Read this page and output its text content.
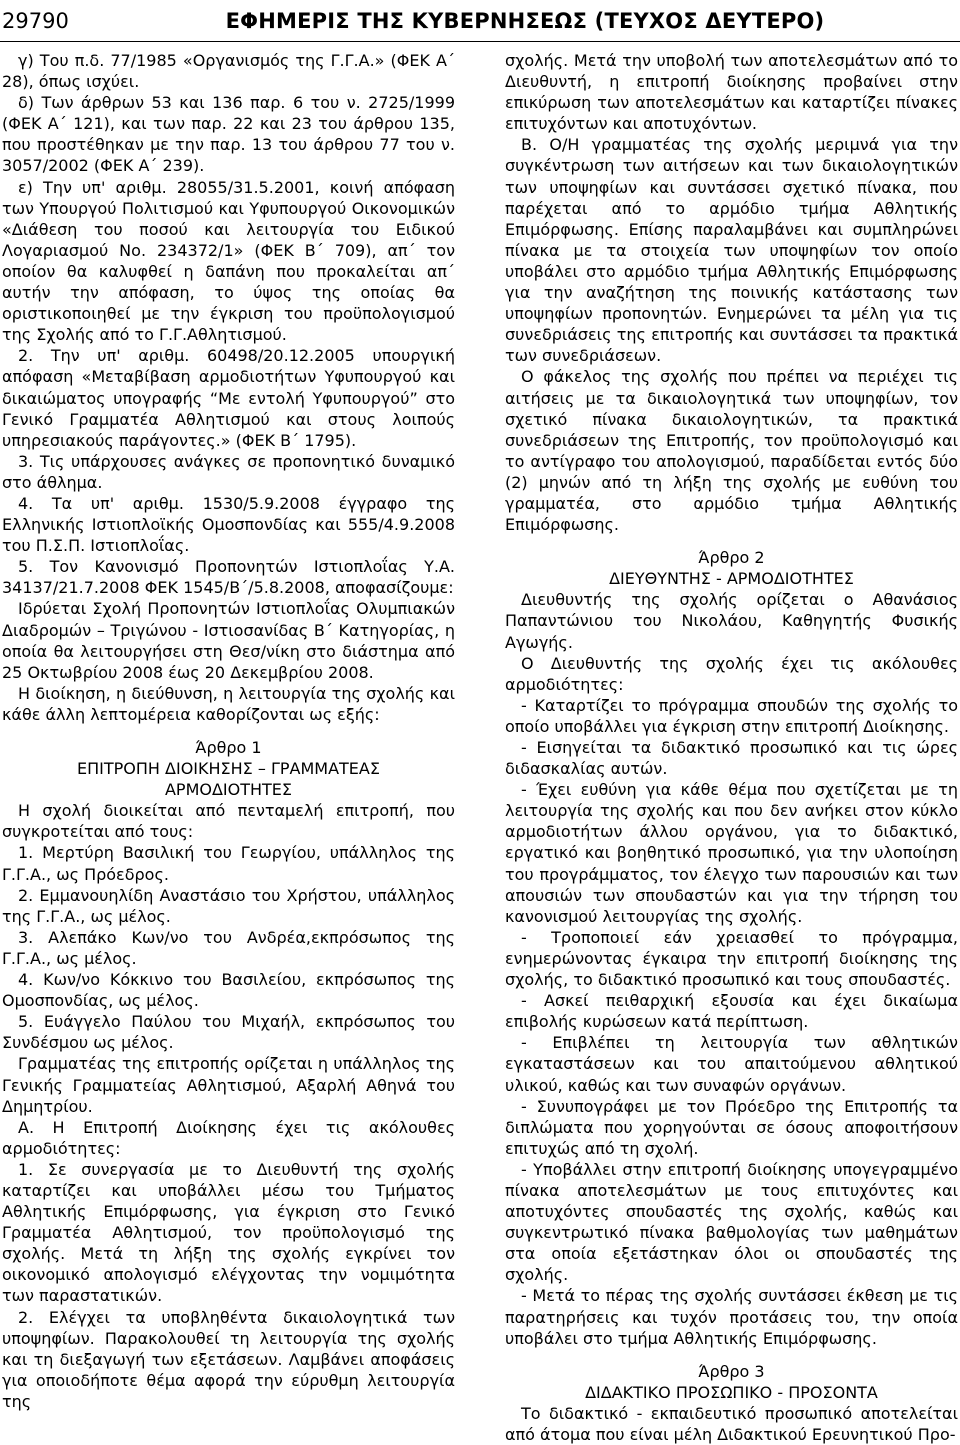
29790	ΕΦΗΜΕΡΙΣ ΤΗΣ ΚΥΒΕΡΝΗΣΕΩΣ (ΤΕΥΧΟΣ ΔΕΥΤΕΡΟ)

γ) Του π.δ. 77/1985 «Οργανισμός της Γ.Γ.Α.» (ΦΕΚ Α΄ 28), όπως ισχύει.

δ) Των άρθρων 53 και 136 παρ. 6 του ν. 2725/1999 (ΦΕΚ Α΄ 121), και των παρ. 22 και 23 του άρθρου 135, που προστέθηκαν με την παρ. 13 του άρθρου 77 του ν. 3057/2002 (ΦΕΚ Α΄ 239).

ε) Την υπ' αριθμ. 28055/31.5.2001, κοινή απόφαση των Υπουργού Πολιτισμού και Υφυπουργού Οικονομικών «Διάθεση του ποσού και λειτουργία του Ειδικού Λογαριασμού Νο. 234372/1» (ΦΕΚ Β΄ 709), απ΄ τον οποίον θα καλυφθεί η δαπάνη που προκαλείται απ΄ αυτήν την απόφαση, το ύψος της οποίας θα οριστικοποιηθεί με την έγκριση του προϋπολογισμού της Σχολής από το Γ.Γ.Αθλητισμού.

2. Την υπ' αριθμ. 60498/20.12.2005 υπουργική απόφαση «Μεταβίβαση αρμοδιοτήτων Υφυπουργού και δικαιώματος υπογραφής “Με εντολή Υφυπουργού” στο Γενικό Γραμματέα Αθλητισμού και στους λοιπούς υπηρεσιακούς παράγοντες.» (ΦΕΚ Β΄ 1795).

3. Τις υπάρχουσες ανάγκες σε προπονητικό δυναμικό στο άθλημα.

4. Τα υπ' αριθμ. 1530/5.9.2008 έγγραφο της Ελληνικής Ιστιοπλοϊκής Ομοσπονδίας και 555/4.9.2008 του Π.Σ.Π. Ιστιοπλοΐας.

5. Τον Κανονισμό Προπονητών Ιστιοπλοΐας Υ.Α. 34137/21.7.2008 ΦΕΚ 1545/Β΄/5.8.2008, αποφασίζουμε:

Ιδρύεται Σχολή Προπονητών Ιστιοπλοΐας Ολυμπιακών Διαδρομών – Τριγώνου - Ιστιοσανίδας Β΄ Κατηγορίας, η οποία θα λειτουργήσει στη Θεσ/νίκη στο διάστημα από 25 Οκτωβρίου 2008 έως 20 Δεκεμβρίου 2008.

Η διοίκηση, η διεύθυνση, η λειτουργία της σχολής και κάθε άλλη λεπτομέρεια καθορίζονται ως εξής:

Άρθρο 1

ΕΠΙΤΡΟΠΗ ΔΙΟΙΚΗΣΗΣ – ΓΡΑΜΜΑΤΕΑΣ

ΑΡΜΟΔΙΟΤΗΤΕΣ

Η σχολή διοικείται από πενταμελή επιτροπή, που συγκροτείται από τους:

1. Μερτύρη Βασιλική του Γεωργίου, υπάλληλος της Γ.Γ.Α., ως Πρόεδρος.

2. Εμμανουηλίδη Αναστάσιο του Χρήστου, υπάλληλος της Γ.Γ.Α., ως μέλος.

3. Αλεπάκο Κων/νο του Ανδρέα,εκπρόσωπος της Γ.Γ.Α., ως μέλος.

4. Κων/νο Κόκκινο του Βασιλείου, εκπρόσωπος της Ομοσπονδίας, ως μέλος.

5. Ευάγγελο Παύλου του Μιχαήλ, εκπρόσωπος του Συνδέσμου ως μέλος.

Γραμματέας της επιτροπής ορίζεται η υπάλληλος της Γενικής Γραμματείας Αθλητισμού, Αξαρλή Αθηνά του Δημητρίου.

Α. Η Επιτροπή Διοίκησης έχει τις ακόλουθες αρμοδιότητες:

1. Σε συνεργασία με το Διευθυντή της σχολής καταρτίζει και υποβάλλει μέσω του Τμήματος Αθλητικής Επιμόρφωσης, για έγκριση στο Γενικό Γραμματέα Αθλητισμού, τον προϋπολογισμό της σχολής. Μετά τη λήξη της σχολής εγκρίνει τον οικονομικό απολογισμό ελέγχοντας την νομιμότητα των παραστατικών.

2. Ελέγχει τα υποβληθέντα δικαιολογητικά των υποψηφίων. Παρακολουθεί τη λειτουργία της σχολής και τη διεξαγωγή των εξετάσεων. Λαμβάνει αποφάσεις για οποιοδήποτε θέμα αφορά την εύρυθμη λειτουργία της

σχολής. Μετά την υποβολή των αποτελεσμάτων από το Διευθυντή, η επιτροπή διοίκησης προβαίνει στην επικύρωση των αποτελεσμάτων και καταρτίζει πίνακες επιτυχόντων και αποτυχόντων.

Β. Ο/Η γραμματέας της σχολής μεριμνά για την συγκέντρωση των αιτήσεων και των δικαιολογητικών των υποψηφίων και συντάσσει σχετικό πίνακα, που παρέχεται από το αρμόδιο τμήμα Αθλητικής Επιμόρφωσης. Επίσης παραλαμβάνει και συμπληρώνει πίνακα με τα στοιχεία των υποψηφίων τον οποίο υποβάλει στο αρμόδιο τμήμα Αθλητικής Επιμόρφωσης για την αναζήτηση της ποινικής κατάστασης των υποψηφίων προπονητών. Ενημερώνει τα μέλη για τις συνεδριάσεις της επιτροπής και συντάσσει τα πρακτικά των συνεδριάσεων.

Ο φάκελος της σχολής που πρέπει να περιέχει τις αιτήσεις με τα δικαιολογητικά των υποψηφίων, τον σχετικό πίνακα δικαιολογητικών, τα πρακτικά συνεδριάσεων της Επιτροπής, τον προϋπολογισμό και το αντίγραφο του απολογισμού, παραδίδεται εντός δύο (2) μηνών από τη λήξη της σχολής με ευθύνη του γραμματέα, στο αρμόδιο τμήμα Αθλητικής Επιμόρφωσης.

Άρθρο 2

ΔΙΕΥΘΥΝΤΗΣ - ΑΡΜΟΔΙΟΤΗΤΕΣ

Διευθυντής της σχολής ορίζεται ο Αθανάσιος Παπαντώνιου του Νικολάου, Καθηγητής Φυσικής Αγωγής.

Ο Διευθυντής της σχολής έχει τις ακόλουθες αρμοδιότητες:

- Καταρτίζει το πρόγραμμα σπουδών της σχολής το οποίο υποβάλλει για έγκριση στην επιτροπή Διοίκησης.

- Εισηγείται τα διδακτικό προσωπικό και τις ώρες διδασκαλίας αυτών.

- Έχει ευθύνη για κάθε θέμα που σχετίζεται με τη λειτουργία της σχολής και που δεν ανήκει στον κύκλο αρμοδιοτήτων άλλου οργάνου, για το διδακτικό, εργατικό και βοηθητικό προσωπικό, για την υλοποίηση του προγράμματος, τον έλεγχο των παρουσιών και των απουσιών των σπουδαστών και για την τήρηση του κανονισμού λειτουργίας της σχολής.

- Τροποποιεί εάν χρειασθεί το πρόγραμμα, ενημερώνοντας έγκαιρα την επιτροπή διοίκησης της σχολής, το διδακτικό προσωπικό και τους σπουδαστές.

- Ασκεί πειθαρχική εξουσία και έχει δικαίωμα επιβολής κυρώσεων κατά περίπτωση.

- Επιβλέπει τη λειτουργία των αθλητικών εγκαταστάσεων και του απαιτούμενου αθλητικού υλικού, καθώς και των συναφών οργάνων.

- Συνυπογράφει με τον Πρόεδρο της Επιτροπής τα διπλώματα που χορηγούνται σε όσους αποφοιτήσουν επιτυχώς από τη σχολή.

- Υποβάλλει στην επιτροπή διοίκησης υπογεγραμμένο πίνακα αποτελεσμάτων με τους επιτυχόντες και αποτυχόντες σπουδαστές της σχολής, καθώς και συγκεντρωτικό πίνακα βαθμολογίας των μαθημάτων στα οποία εξετάστηκαν όλοι οι σπουδαστές της σχολής.

- Μετά το πέρας της σχολής συντάσσει έκθεση με τις παρατηρήσεις και τυχόν προτάσεις του, την οποία υποβάλει στο τμήμα Αθλητικής Επιμόρφωσης.

Άρθρο 3

ΔΙΔΑΚΤΙΚΟ ΠΡΟΣΩΠΙΚΟ - ΠΡΟΣΟΝΤΑ

Το διδακτικό - εκπαιδευτικό προσωπικό αποτελείται από άτομα που είναι μέλη Διδακτικού Ερευνητικού Προ-
